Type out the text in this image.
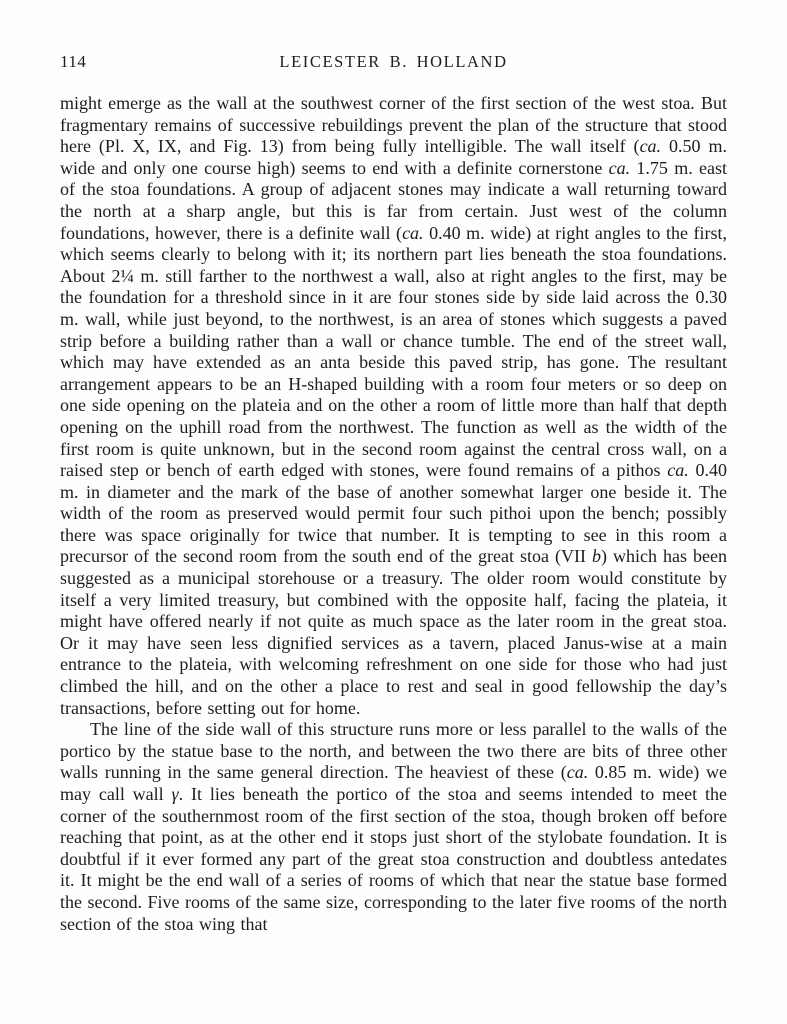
114	LEICESTER B. HOLLAND

might emerge as the wall at the southwest corner of the first section of the west stoa. But fragmentary remains of successive rebuildings prevent the plan of the structure that stood here (Pl. X, IX, and Fig. 13) from being fully intelligible. The wall itself (ca. 0.50 m. wide and only one course high) seems to end with a definite cornerstone ca. 1.75 m. east of the stoa foundations. A group of adjacent stones may indicate a wall returning toward the north at a sharp angle, but this is far from certain. Just west of the column foundations, however, there is a definite wall (ca. 0.40 m. wide) at right angles to the first, which seems clearly to belong with it; its northern part lies beneath the stoa foundations. About 2¼ m. still farther to the northwest a wall, also at right angles to the first, may be the foundation for a threshold since in it are four stones side by side laid across the 0.30 m. wall, while just beyond, to the northwest, is an area of stones which suggests a paved strip before a building rather than a wall or chance tumble. The end of the street wall, which may have extended as an anta beside this paved strip, has gone. The resultant arrangement appears to be an H-shaped building with a room four meters or so deep on one side opening on the plateia and on the other a room of little more than half that depth opening on the uphill road from the northwest. The function as well as the width of the first room is quite unknown, but in the second room against the central cross wall, on a raised step or bench of earth edged with stones, were found remains of a pithos ca. 0.40 m. in diameter and the mark of the base of another somewhat larger one beside it. The width of the room as preserved would permit four such pithoi upon the bench; possibly there was space originally for twice that number. It is tempting to see in this room a precursor of the second room from the south end of the great stoa (VII b) which has been suggested as a municipal storehouse or a treasury. The older room would constitute by itself a very limited treasury, but combined with the opposite half, facing the plateia, it might have offered nearly if not quite as much space as the later room in the great stoa. Or it may have seen less dignified services as a tavern, placed Janus-wise at a main entrance to the plateia, with welcoming refreshment on one side for those who had just climbed the hill, and on the other a place to rest and seal in good fellowship the day’s transactions, before setting out for home.

The line of the side wall of this structure runs more or less parallel to the walls of the portico by the statue base to the north, and between the two there are bits of three other walls running in the same general direction. The heaviest of these (ca. 0.85 m. wide) we may call wall γ. It lies beneath the portico of the stoa and seems intended to meet the corner of the southernmost room of the first section of the stoa, though broken off before reaching that point, as at the other end it stops just short of the stylobate foundation. It is doubtful if it ever formed any part of the great stoa construction and doubtless antedates it. It might be the end wall of a series of rooms of which that near the statue base formed the second. Five rooms of the same size, corresponding to the later five rooms of the north section of the stoa wing that
